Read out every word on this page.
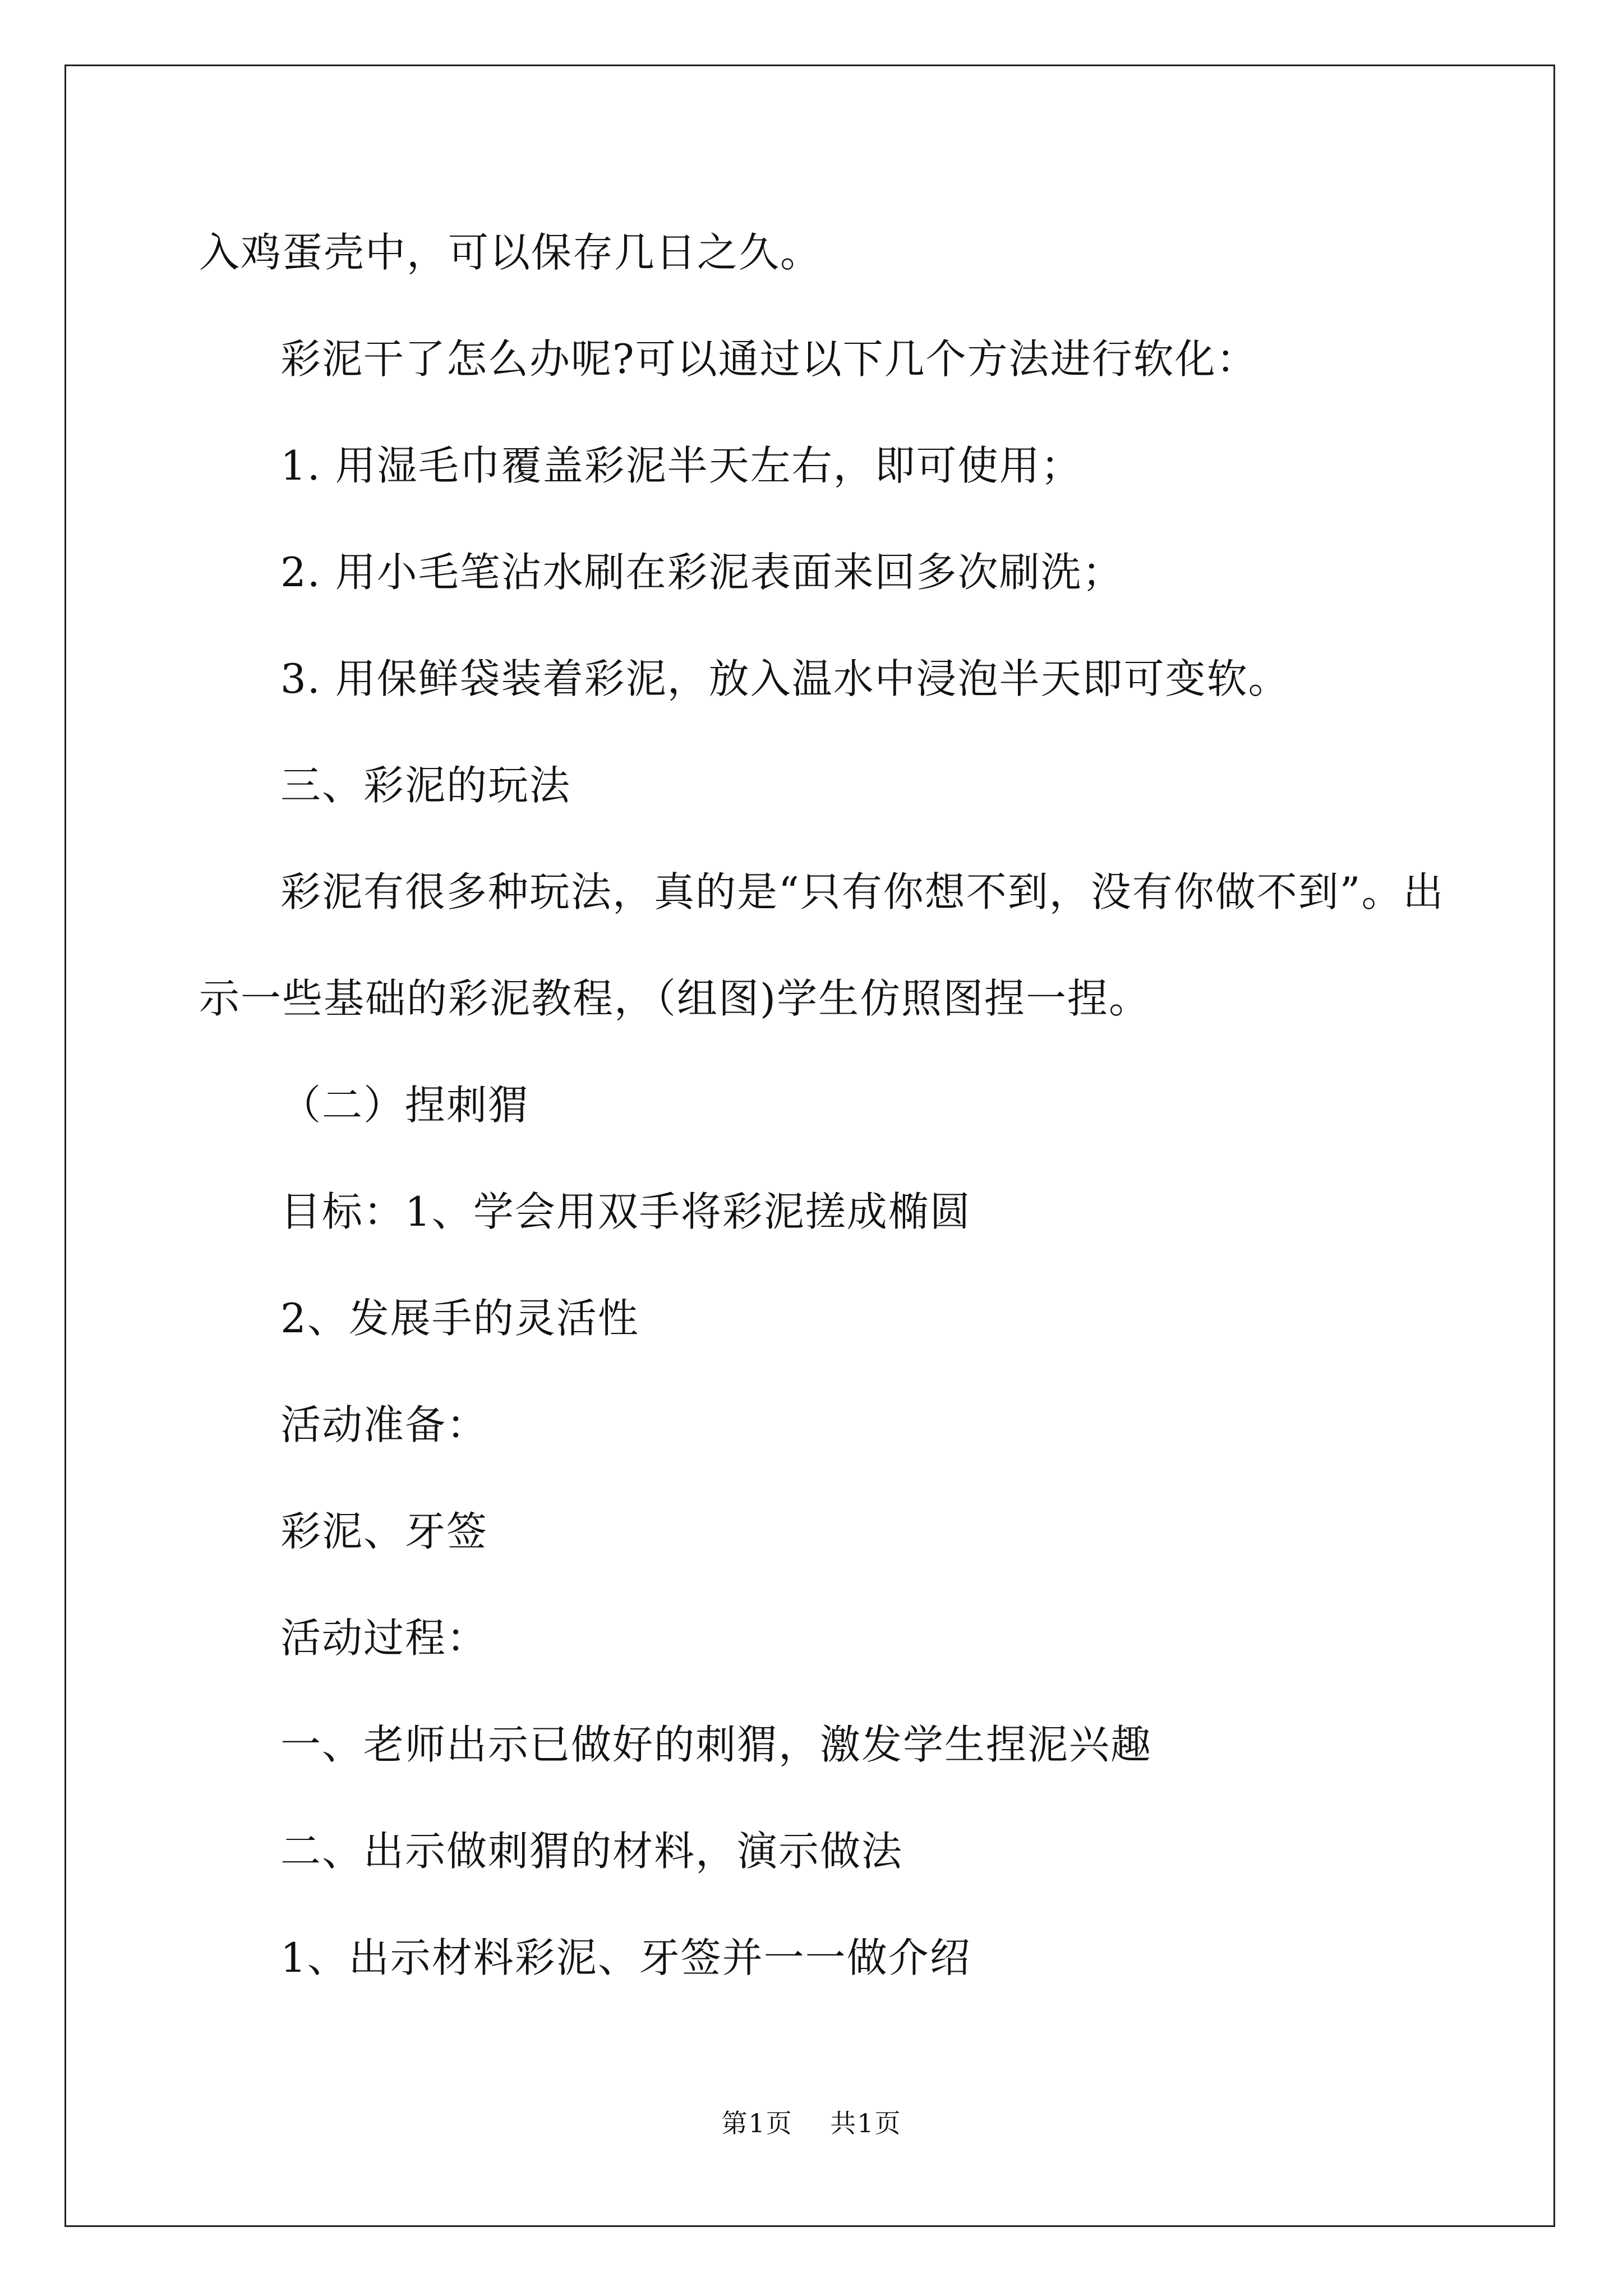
入鸡蛋壳中，可以保存几日之久。
彩泥干了怎么办呢?可以通过以下几个方法进行软化：
1. 用湿毛巾覆盖彩泥半天左右，即可使用；
2. 用小毛笔沾水刷在彩泥表面来回多次刷洗；
3. 用保鲜袋装着彩泥，放入温水中浸泡半天即可变软。
三、彩泥的玩法
彩泥有很多种玩法，真的是“只有你想不到，没有你做不到”。出
示一些基础的彩泥教程，（组图)学生仿照图捏一捏。
（二）捏刺猬
目标：1、学会用双手将彩泥搓成椭圆
2、发展手的灵活性
活动准备：
彩泥、牙签
活动过程：
一、老师出示已做好的刺猬，激发学生捏泥兴趣
二、出示做刺猬的材料，演示做法
1、出示材料彩泥、牙签并一一做介绍
第1页 共1页
